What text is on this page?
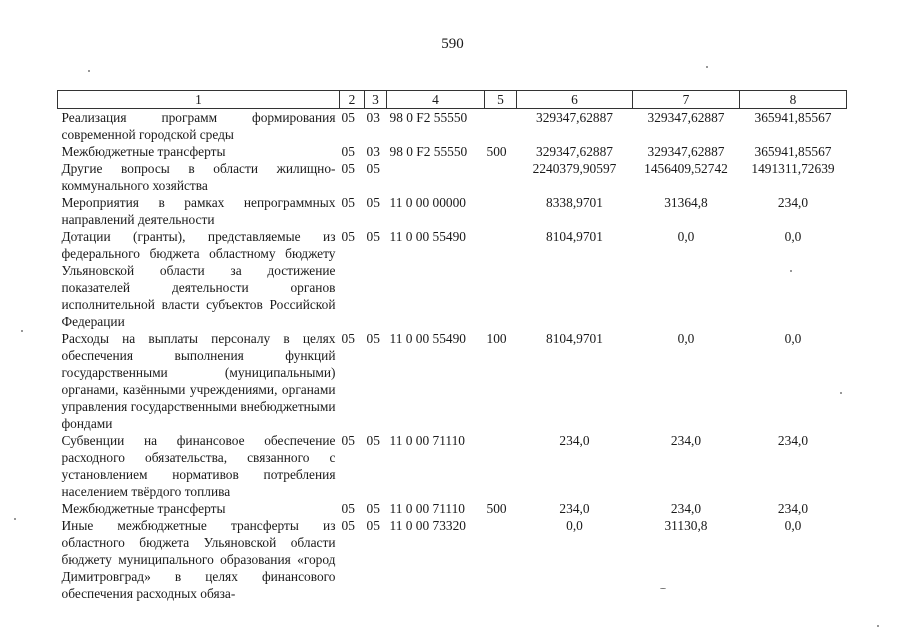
590
1	2	3	4	5	6	7	8
Реализация программ формирования современной городской среды	05	03	98 0 F2 55550		329347,62887	329347,62887	365941,85567
Межбюджетные трансферты	05	03	98 0 F2 55550	500	329347,62887	329347,62887	365941,85567
Другие вопросы в области жилищно-коммунального хозяйства	05	05			2240379,90597	1456409,52742	1491311,72639
Мероприятия в рамках непрограммных направлений деятельности	05	05	11 0 00 00000		8338,9701	31364,8	234,0
Дотации (гранты), представляемые из федерального бюджета областному бюджету Ульяновской области за достижение показателей деятельности органов исполнительной власти субъектов Российской Федерации	05	05	11 0 00 55490		8104,9701	0,0	0,0
Расходы на выплаты персоналу в целях обеспечения выполнения функций государственными (муниципальными) органами, казёнными учреждениями, органами управления государственными внебюджетными фондами	05	05	11 0 00 55490	100	8104,9701	0,0	0,0
Субвенции на финансовое обеспечение расходного обязательства, связанного с установлением нормативов потребления населением твёрдого топлива	05	05	11 0 00 71110		234,0	234,0	234,0
Межбюджетные трансферты	05	05	11 0 00 71110	500	234,0	234,0	234,0
Иные межбюджетные трансферты из областного бюджета Ульяновской области бюджету муниципального образования «город Димитровград» в целях финансового обеспечения расходных обяза-	05	05	11 0 00 73320		0,0	31130,8	0,0
